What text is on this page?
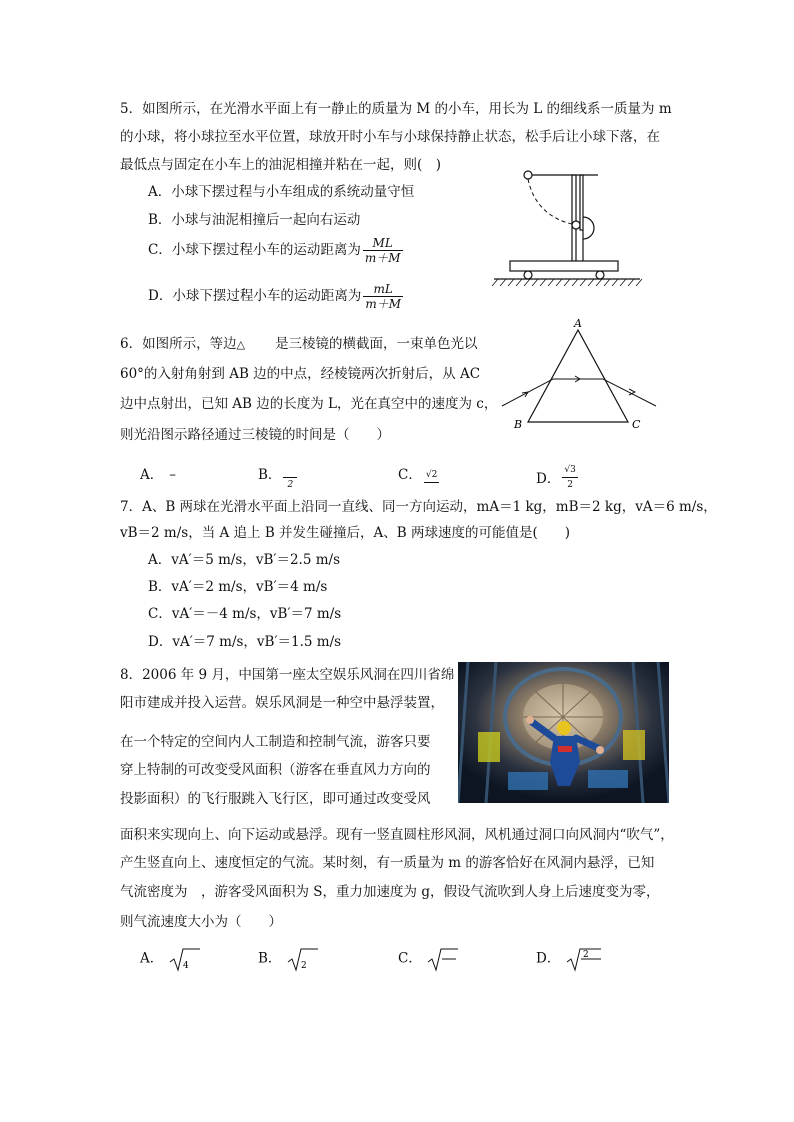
5．如图所示，在光滑水平面上有一静止的质量为 M 的小车，用长为 L 的细线系一质量为 m
的小球，将小球拉至水平位置，球放开时小车与小球保持静止状态，松手后让小球下落，在
最低点与固定在小车上的油泥相撞并粘在一起，则(　)
A．小球下摆过程与小车组成的系统动量守恒
B．小球与油泥相撞后一起向右运动
C．小球下摆过程小车的运动距离为 $\frac{ML}{m+M}$
D．小球下摆过程小车的运动距离为 $\frac{mL}{m+M}$
6．如图所示，等边△ 是三棱镜的横截面，一束单色光以
60°的入射角射到 AB 边的中点，经棱镜两次折射后，从 AC
边中点射出，已知 AB 边的长度为 L，光在真空中的速度为 c，
则光沿图示路径通过三棱镜的时间是（　　）
A
B	C
A． –	B．
2
C． √2	D． $\frac{√3}{2}$
7．A、B 两球在光滑水平面上沿同一直线、同一方向运动，mA＝1 kg，mB＝2 kg，vA＝6 m/s，
vB＝2 m/s，当 A 追上 B 并发生碰撞后，A、B 两球速度的可能值是(　　)
A．vA′＝5 m/s，vB′＝2.5 m/s
B．vA′＝2 m/s，vB′＝4 m/s
C．vA′＝－4 m/s，vB′＝7 m/s
D．vA′＝7 m/s，vB′＝1.5 m/s
8．2006 年 9 月，中国第一座太空娱乐风洞在四川省绵
阳市建成并投入运营。娱乐风洞是一种空中悬浮装置，
在一个特定的空间内人工制造和控制气流，游客只要
穿上特制的可改变受风面积（游客在垂直风力方向的
投影面积）的飞行服跳入飞行区，即可通过改变受风
面积来实现向上、向下运动或悬浮。现有一竖直圆柱形风洞，风机通过洞口向风洞内“吹气”，
产生竖直向上、速度恒定的气流。某时刻，有一质量为 m 的游客恰好在风洞内悬浮，已知
气流密度为　，游客受风面积为 S，重力加速度为 g，假设气流吹到人身上后速度变为零，
则气流速度大小为（　　）
A． 4	B． 2	C．	D． 2
